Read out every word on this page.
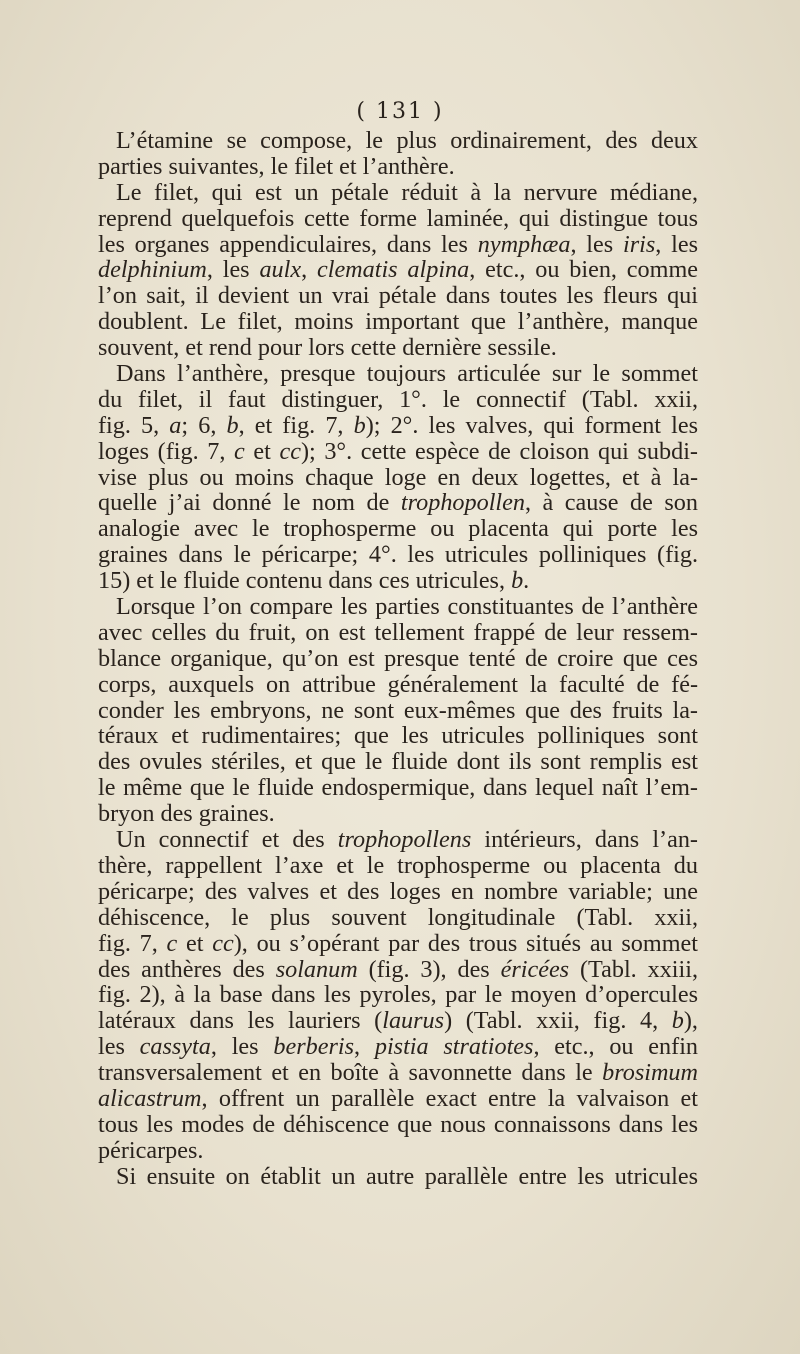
( 131 )
L’étamine se compose, le plus ordinairement, des deux
parties suivantes, le filet et l’anthère.
Le filet, qui est un pétale réduit à la nervure médiane,
reprend quelquefois cette forme laminée, qui distingue tous
les organes appendiculaires, dans les nymphæa, les iris, les
delphinium, les aulx, clematis alpina, etc., ou bien, comme
l’on sait, il devient un vrai pétale dans toutes les fleurs qui
doublent. Le filet, moins important que l’anthère, manque
souvent, et rend pour lors cette dernière sessile.
Dans l’anthère, presque toujours articulée sur le sommet
du filet, il faut distinguer, 1°. le connectif (Tabl. xxii,
fig. 5, a; 6, b, et fig. 7, b); 2°. les valves, qui forment les
loges (fig. 7, c et cc); 3°. cette espèce de cloison qui subdi-
vise plus ou moins chaque loge en deux logettes, et à la-
quelle j’ai donné le nom de trophopollen, à cause de son
analogie avec le trophosperme ou placenta qui porte les
graines dans le péricarpe; 4°. les utricules polliniques (fig.
15) et le fluide contenu dans ces utricules, b.
Lorsque l’on compare les parties constituantes de l’anthère
avec celles du fruit, on est tellement frappé de leur ressem-
blance organique, qu’on est presque tenté de croire que ces
corps, auxquels on attribue généralement la faculté de fé-
conder les embryons, ne sont eux-mêmes que des fruits la-
téraux et rudimentaires; que les utricules polliniques sont
des ovules stériles, et que le fluide dont ils sont remplis est
le même que le fluide endospermique, dans lequel naît l’em-
bryon des graines.
Un connectif et des trophopollens intérieurs, dans l’an-
thère, rappellent l’axe et le trophosperme ou placenta du
péricarpe; des valves et des loges en nombre variable; une
déhiscence, le plus souvent longitudinale (Tabl. xxii,
fig. 7, c et cc), ou s’opérant par des trous situés au sommet
des anthères des solanum (fig. 3), des éricées (Tabl. xxiii,
fig. 2), à la base dans les pyroles, par le moyen d’opercules
latéraux dans les lauriers (laurus) (Tabl. xxii, fig. 4, b),
les cassyta, les berberis, pistia stratiotes, etc., ou enfin
transversalement et en boîte à savonnette dans le brosimum
alicastrum, offrent un parallèle exact entre la valvaison et
tous les modes de déhiscence que nous connaissons dans les
péricarpes.
Si ensuite on établit un autre parallèle entre les utricules
